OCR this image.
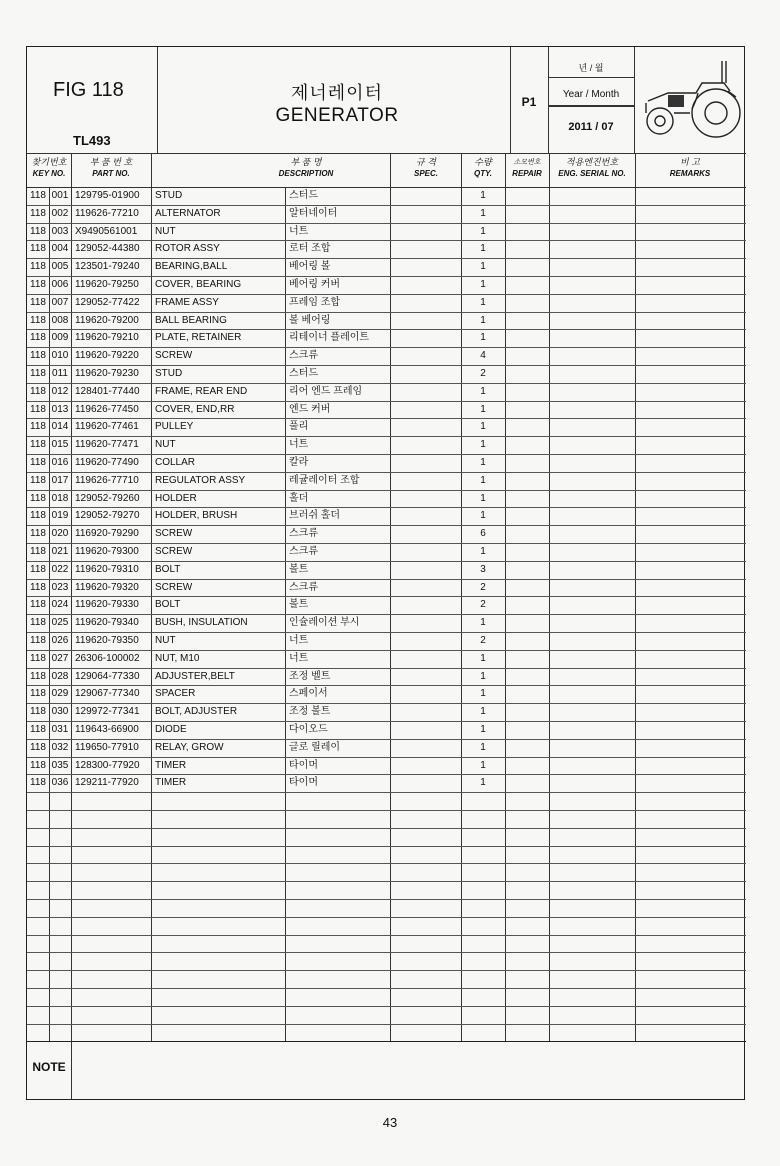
FIG 118
TL493
제너레이터
GENERATOR
P1
년 / 월
Year / Month
2011 / 07
찾기번호
KEY NO.
부 품 번 호
PART NO.
부 품 명
DESCRIPTION
규 격
SPEC.
수량
QTY.
소모번호
REPAIR
적용엔진번호
ENG. SERIAL NO.
비 고
REMARKS
118 001 129795-01900	STUD	스터드	1
118 002 119626-77210	ALTERNATOR	알터네이터	1
118 003 X9490561001	NUT	너트	1
118 004 129052-44380	ROTOR ASSY	로터 조합	1
118 005 123501-79240	BEARING,BALL	베어링 볼	1
118 006 119620-79250	COVER, BEARING	베어링 커버	1
118 007 129052-77422	FRAME ASSY	프레임 조합	1
118 008 119620-79200	BALL BEARING	볼 베어링	1
118 009 119620-79210	PLATE, RETAINER	리테이너 플레이트	1
118 010 119620-79220	SCREW	스크류	4
118 011 119620-79230	STUD	스터드	2
118 012 128401-77440	FRAME, REAR END	리어 엔드 프레임	1
118 013 119626-77450	COVER, END,RR	엔드 커버	1
118 014 119620-77461	PULLEY	풀리	1
118 015 119620-77471	NUT	너트	1
118 016 119620-77490	COLLAR	칼라	1
118 017 119626-77710	REGULATOR ASSY	레귤레이터 조합	1
118 018 129052-79260	HOLDER	홀더	1
118 019 129052-79270	HOLDER, BRUSH	브러쉬 홀더	1
118 020 116920-79290	SCREW	스크류	6
118 021 119620-79300	SCREW	스크류	1
118 022 119620-79310	BOLT	볼트	3
118 023 119620-79320	SCREW	스크류	2
118 024 119620-79330	BOLT	볼트	2
118 025 119620-79340	BUSH, INSULATION	인슐레이션 부시	1
118 026 119620-79350	NUT	너트	2
118 027 26306-100002	NUT, M10	너트	1
118 028 129064-77330	ADJUSTER,BELT	조정 벨트	1
118 029 129067-77340	SPACER	스페이서	1
118 030 129972-77341	BOLT, ADJUSTER	조정 볼트	1
118 031 119643-66900	DIODE	다이오드	1
118 032 119650-77910	RELAY, GROW	글로 릴레이	1
118 035 128300-77920	TIMER	타이머	1
118 036 129211-77920	TIMER	타이머	1
NOTE
43
